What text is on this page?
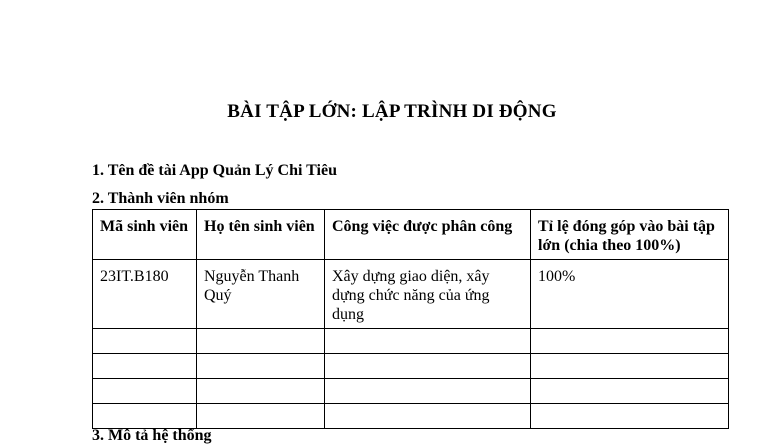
BÀI TẬP LỚN: LẬP TRÌNH DI ĐỘNG
1. Tên đề tài App Quản Lý Chi Tiêu
2. Thành viên nhóm
Mã sinh viên	Họ tên sinh viên	Công việc được phân công	Tỉ lệ đóng góp vào bài tập lớn (chia theo 100%)
23IT.B180	Nguyễn Thanh Quý	Xây dựng giao diện, xây dựng chức năng của ứng dụng	100%

3. Mô tả hệ thống
